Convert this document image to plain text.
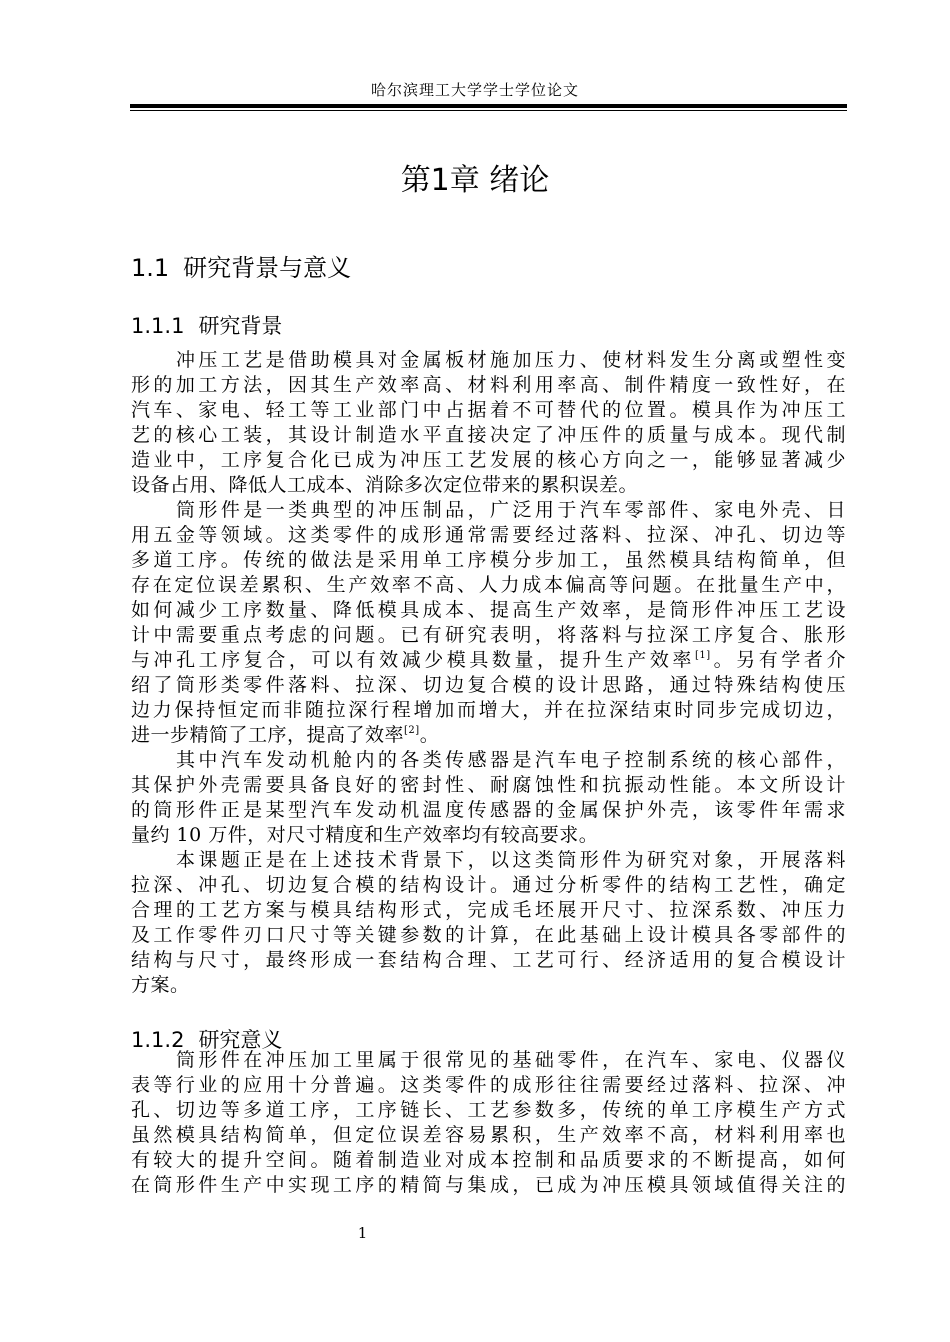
哈尔滨理工大学学士学位论文
第1章 绪论
1.1 研究背景与意义
1.1.1 研究背景
冲压工艺是借助模具对金属板材施加压力、使材料发生分离或塑性变
形的加工方法，因其生产效率高、材料利用率高、制件精度一致性好，在
汽车、家电、轻工等工业部门中占据着不可替代的位置。模具作为冲压工
艺的核心工装，其设计制造水平直接决定了冲压件的质量与成本。现代制
造业中，工序复合化已成为冲压工艺发展的核心方向之一，能够显著减少
设备占用、降低人工成本、消除多次定位带来的累积误差。
筒形件是一类典型的冲压制品，广泛用于汽车零部件、家电外壳、日
用五金等领域。这类零件的成形通常需要经过落料、拉深、冲孔、切边等
多道工序。传统的做法是采用单工序模分步加工，虽然模具结构简单，但
存在定位误差累积、生产效率不高、人力成本偏高等问题。在批量生产中，
如何减少工序数量、降低模具成本、提高生产效率，是筒形件冲压工艺设
计中需要重点考虑的问题。已有研究表明，将落料与拉深工序复合、胀形
与冲孔工序复合，可以有效减少模具数量，提升生产效率[1]。另有学者介
绍了筒形类零件落料、拉深、切边复合模的设计思路，通过特殊结构使压
边力保持恒定而非随拉深行程增加而增大，并在拉深结束时同步完成切边，
进一步精简了工序，提高了效率[2]。
其中汽车发动机舱内的各类传感器是汽车电子控制系统的核心部件，
其保护外壳需要具备良好的密封性、耐腐蚀性和抗振动性能。本文所设计
的筒形件正是某型汽车发动机温度传感器的金属保护外壳，该零件年需求
量约 10 万件，对尺寸精度和生产效率均有较高要求。
本课题正是在上述技术背景下，以这类筒形件为研究对象，开展落料
拉深、冲孔、切边复合模的结构设计。通过分析零件的结构工艺性，确定
合理的工艺方案与模具结构形式，完成毛坯展开尺寸、拉深系数、冲压力
及工作零件刃口尺寸等关键参数的计算，在此基础上设计模具各零部件的
结构与尺寸，最终形成一套结构合理、工艺可行、经济适用的复合模设计
方案。
1.1.2 研究意义
筒形件在冲压加工里属于很常见的基础零件，在汽车、家电、仪器仪
表等行业的应用十分普遍。这类零件的成形往往需要经过落料、拉深、冲
孔、切边等多道工序，工序链长、工艺参数多，传统的单工序模生产方式
虽然模具结构简单，但定位误差容易累积，生产效率不高，材料利用率也
有较大的提升空间。随着制造业对成本控制和品质要求的不断提高，如何
在筒形件生产中实现工序的精简与集成，已成为冲压模具领域值得关注的
1
